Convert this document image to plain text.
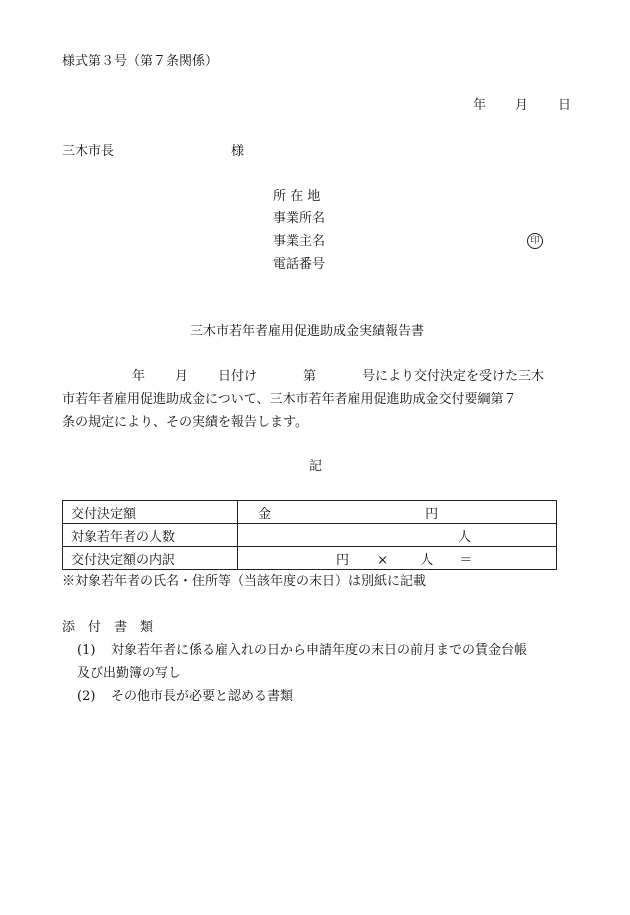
様式第３号（第７条関係）
年 月 日
三木市長	様
所 在 地
事業所名
事業主名	印
電話番号
三木市若年者雇用促進助成金実績報告書
年 月 日付け	第	号により交付決定を受けた三木
市若年者雇用促進助成金について、三木市若年者雇用促進助成金交付要綱第７
条の規定により、その実績を報告します。
記
交付決定額	金 円
対象若年者の人数	人
交付決定額の内訳	円 × 人 ＝
※対象若年者の氏名・住所等（当該年度の末日）は別紙に記載
添　付　書　類
(1) 対象若年者に係る雇入れの日から申請年度の末日の前月までの賃金台帳
及び出勤簿の写し
(2) その他市長が必要と認める書類
